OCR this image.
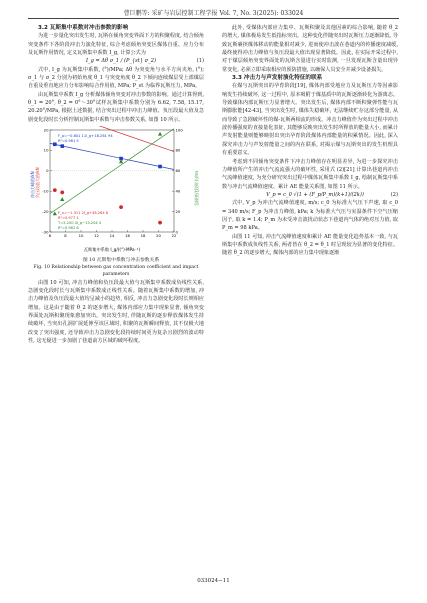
曹巨鹏等: 采矿与岩层控制工程学报 Vol. 7, No. 3(2025): 033024

3.2 瓦斯集中系数对冲击参数的影响

为进一步量化突出发生时, 瓦斯在倾角突变界面下方的积聚程度, 结合倾角突变条件下各阶段冲击力演化特征, 综合考虑倾角突变区煤体自重、应力分布及瓦斯作用情况, 定义瓦斯集中系数 I_g, 计算公式为

I_g = Δθ σ_1 / (P_{st} σ_2)	(1)

式中, I_g 为瓦斯集中系数, (°)/MPa; Δθ 为突变角与水平方向夹角, (°); σ_1 与 σ_2 分别为初始角度 θ_1 与突变角度 θ_2 下倾向连续煤层受上部煤层自重及垂直地应力分布影响综合作用值, MPa; P_st 为临界瓦斯压力, MPa。

由瓦斯集中系数 I_g 分析煤体倾角突变对冲击参数的影响。通过计算得到, θ_1 = 20°, θ_2 = 0°～30°试样瓦斯集中系数分别为 6.62, 7.58, 15.17, 20.20°/MPa, 根据上述数据, 结合突出过程中冲击力峰值、负压段最大值及急剧变化段时长分析控制瓦斯集中系数与冲击参数关系, 如图 10 所示。

6	8	10	12	14	16	18	20	22
-30
-20
-10
0
10
20
0
20
40
60
80
100
F_p=−0.801 11I_g+18.261 94
R²=0.981 5
F_n=−1.311 2I_g+38.264 8
R²=0.977 1
T=5.200 4I_g−13.204 3
R²=0.962 6
冲击力峰值/kN 负压段最大值/kN	急剧变化段时长/ms
瓦斯集中系数 I_g/((°)·MPa⁻¹)

图 10 瓦斯集中系数与冲击参数关系
Fig. 10 Relationship between gas concentration coefficient and impact parameters

由图 10 可知, 冲击力峰值和负压段最大值与瓦斯集中系数成负线性关系, 急剧变化段时长与瓦斯集中系数成正线性关系。随着瓦斯集中系数的增加, 冲击力峰值及负压段最大值均呈减小的趋势, 相反, 冲击力急剧变化段时长则相应增加。这是由于随着 θ_2 的逐步增大, 煤体内部应力集中现象显著, 倾角突变界面处瓦斯积聚现象愈加突出。突出发生时, 伴随瓦斯的逐步释放煤体发生持续破坏, 当突出孔洞扩展延伸至该区域时, 积聚的瓦斯瞬间释放, 其不仅极大地改变了突出强度, 还导致冲击力急剧变化段持续时间更为复杂且剧烈的波动特性, 这无疑进一步加剧了巷道前方区域的破坏程度。

此外, 受煤体内部应力集中、瓦斯积聚及其他因素的综合影响, 随着 θ_2 的增大, 煤体极易发生低指标突出。这种变化伴随突出时瓦斯压力逐渐降低, 导致瓦斯裹挟煤体移动的能量相对减少, 进而使冲击波在巷道内的传播速度减缓, 最终使得冲击力峰值与负压段最大值出现显著降低。因此, 在实际开采过程中, 对于煤层倾角突变界面处的瓦斯含量进行实时监测, 一旦发现瓦斯含量出现异常变化, 必须立即采取相应的预防措施, 以确保人员安全并减少设备损失。

3.3 冲击力与声发射演化特征的联系

在煤与瓦斯突出的孕育阶段[19], 煤体内部受地应力及瓦斯压力等因素影响发生持续破坏, 这一过程中, 原本吸附于煤基质中的瓦斯逐渐转化为游离态。导致煤体内部瓦斯压力显著增大。突出发生后, 煤体内部不断积聚弹性能与瓦斯膨胀能[42-43], 当突出发生时, 煤体失稳破坏, 无法继续贮存这部分能量, 从而导致了急剧破坏性的煤-瓦斯两相流的形成。冲击力峰值作为突出过程中冲击波传播强度的直接量化表征, 其能够反映突出发生时所释放的能量大小, 而累计声发射能量则能够映射出突出孕育阶段煤体内部能量的积累情况。因此, 深入探究冲击力与声发射能量之间的内在联系, 对揭示煤与瓦斯突出的发生机理具有重要意义。

考虑到不同倾角突变条件下冲击力峰值存在明显差异, 为进一步探究冲击力峰值所产生的冲击气流流强大的破坏性, 采用式 (2)[21] 计算出巷道内冲击气流峰值速度, 为充分研究突出过程中煤体瓦斯集中系数 I_g, 绘制瓦斯集中系数与冲击气流峰值速度、累计 AE 能量关系图, 如图 11 所示。

V_p = c_0 √(1 + (F_p/P_m)(k+1)/(2k))	(2)

式中, V_p 为冲击气流峰值速度, m/s; c_0 为标准大气压下声速, 取 c_0 = 340 m/s; F_p 为冲击力峰值, kPa; k 为标准大气压与室温条件下空气压缩因子, 取 k = 1.4; P_m 为未受冲击波扰动状态下巷道内气体的绝对压力值, 取 P_m = 98 kPa。

由图 11 可知, 冲击气流峰值速度和累计 AE 能量变化趋势基本一致, 与瓦斯集中系数成负线性关系, 两者皆在 θ_2 = θ_1 时呈现较为显著的变化特征。随着 θ_2 的逐步增大, 煤体内部的应力集中现象逐渐

033024−11
